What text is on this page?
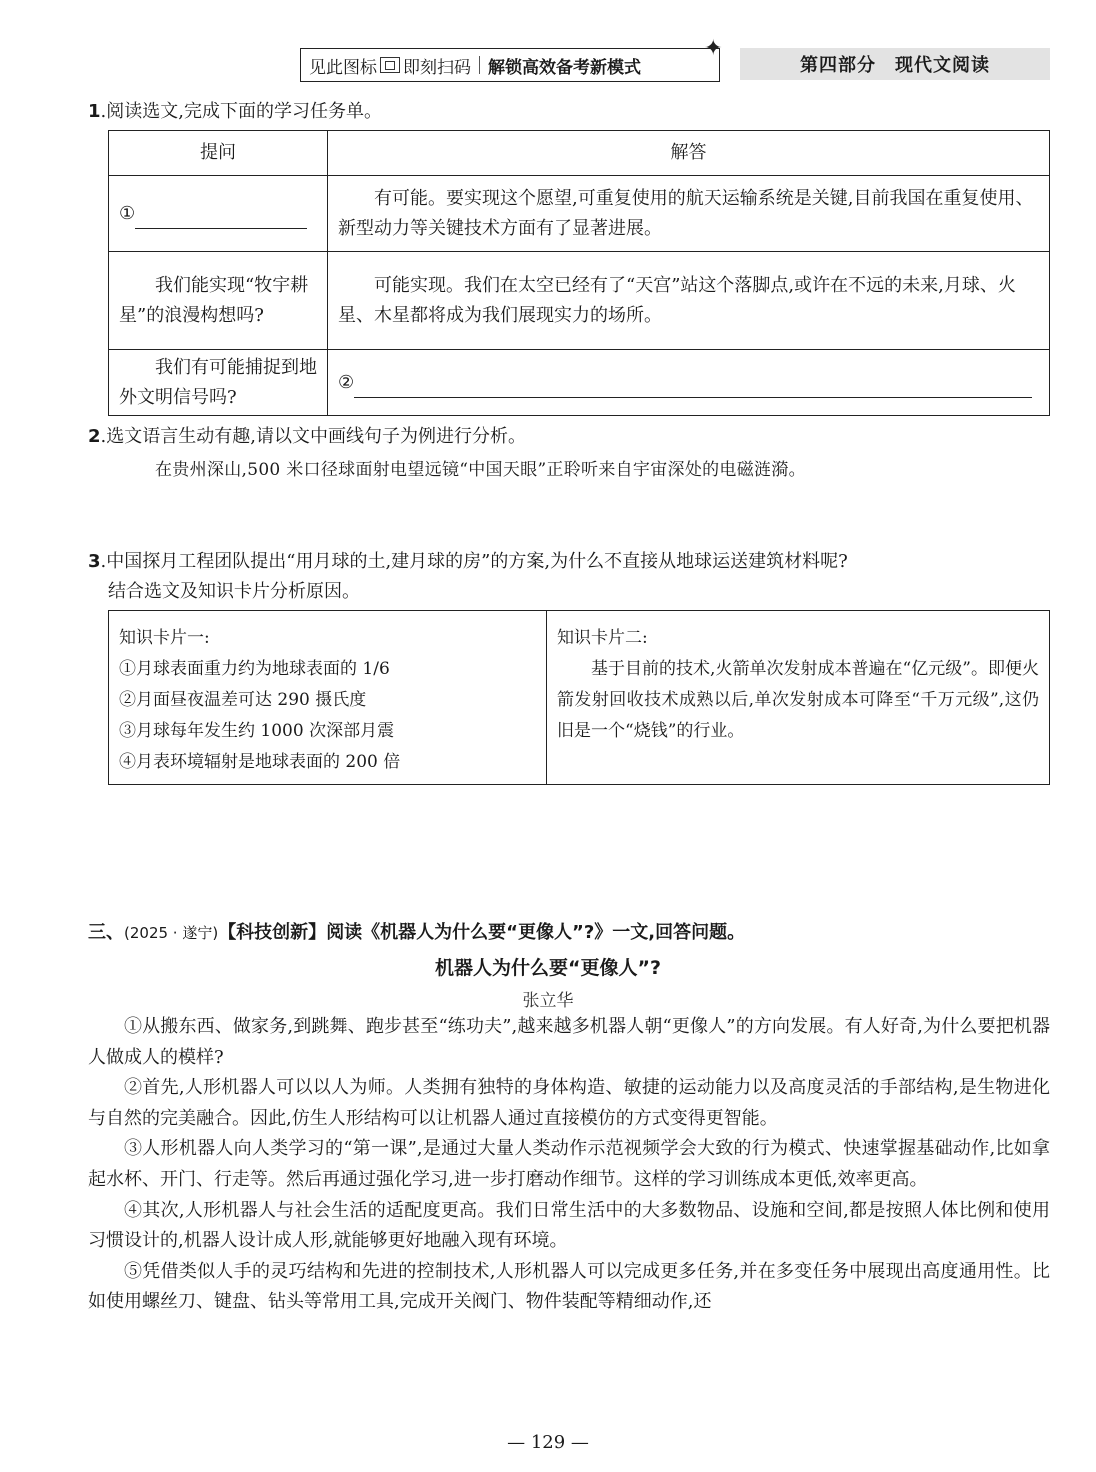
见此图标 即刻扫码 解锁高效备考新模式
✦
第四部分　现代文阅读
1.阅读选文,完成下面的学习任务单。
提问	解答
①	有可能。要实现这个愿望,可重复使用的航天运输系统是关键,目前我国在重复使用、新型动力等关键技术方面有了显著进展。
我们能实现“牧宇耕星”的浪漫构想吗?	可能实现。我们在太空已经有了“天宫”站这个落脚点,或许在不远的未来,月球、火星、木星都将成为我们展现实力的场所。
我们有可能捕捉到地外文明信号吗?	②
2.选文语言生动有趣,请以文中画线句子为例进行分析。
在贵州深山,500 米口径球面射电望远镜“中国天眼”正聆听来自宇宙深处的电磁涟漪。
3.中国探月工程团队提出“用月球的土,建月球的房”的方案,为什么不直接从地球运送建筑材料呢?
结合选文及知识卡片分析原因。
知识卡片一:
①月球表面重力约为地球表面的 1/6
②月面昼夜温差可达 290 摄氏度
③月球每年发生约 1000 次深部月震
④月表环境辐射是地球表面的 200 倍
知识卡片二:
基于目前的技术,火箭单次发射成本普遍在“亿元级”。即便火箭发射回收技术成熟以后,单次发射成本可降至“千万元级”,这仍旧是一个“烧钱”的行业。
三、(2025 · 遂宁)【科技创新】阅读《机器人为什么要“更像人”?》一文,回答问题。
机器人为什么要“更像人”?
张立华

①从搬东西、做家务,到跳舞、跑步甚至“练功夫”,越来越多机器人朝“更像人”的方向发展。有人好奇,为什么要把机器人做成人的模样?

②首先,人形机器人可以以人为师。人类拥有独特的身体构造、敏捷的运动能力以及高度灵活的手部结构,是生物进化与自然的完美融合。因此,仿生人形结构可以让机器人通过直接模仿的方式变得更智能。

③人形机器人向人类学习的“第一课”,是通过大量人类动作示范视频学会大致的行为模式、快速掌握基础动作,比如拿起水杯、开门、行走等。然后再通过强化学习,进一步打磨动作细节。这样的学习训练成本更低,效率更高。

④其次,人形机器人与社会生活的适配度更高。我们日常生活中的大多数物品、设施和空间,都是按照人体比例和使用习惯设计的,机器人设计成人形,就能够更好地融入现有环境。

⑤凭借类似人手的灵巧结构和先进的控制技术,人形机器人可以完成更多任务,并在多变任务中展现出高度通用性。比如使用螺丝刀、键盘、钻头等常用工具,完成开关阀门、物件装配等精细动作,还

— 129 —
